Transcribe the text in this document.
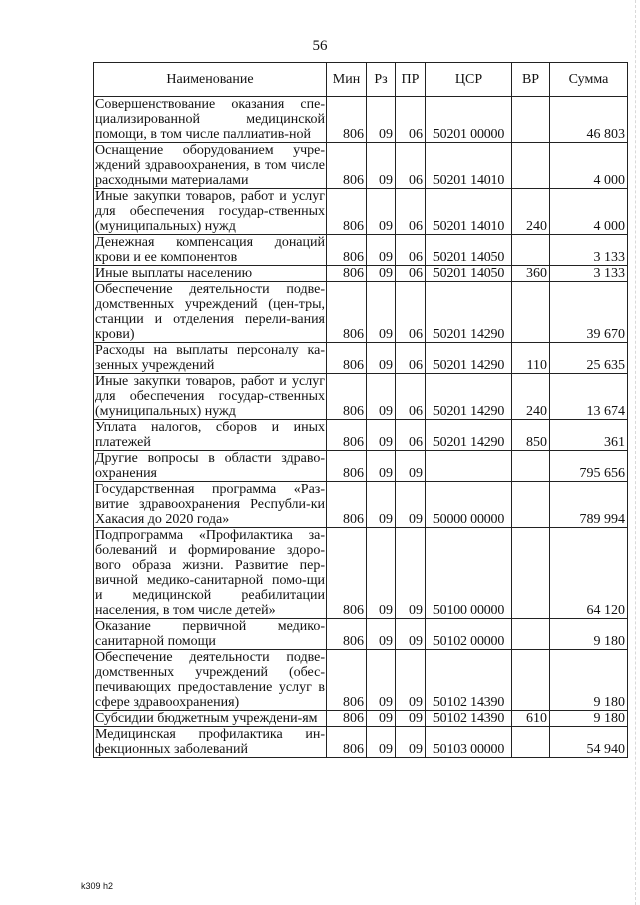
56
Наименование	Мин	Рз	ПР	ЦСР	ВР	Сумма
Совершенствование оказания спе-циализированной медицинской помощи, в том числе паллиатив-ной	806	09	06	50201 00000		46 803
Оснащение оборудованием учре-ждений здравоохранения, в том числе расходными материалами	806	09	06	50201 14010		4 000
Иные закупки товаров, работ и услуг для обеспечения государ-ственных (муниципальных) нужд	806	09	06	50201 14010	240	4 000
Денежная компенсация донаций крови и ее компонентов	806	09	06	50201 14050		3 133
Иные выплаты населению	806	09	06	50201 14050	360	3 133
Обеспечение деятельности подве-домственных учреждений (цен-тры, станции и отделения перели-вания крови)	806	09	06	50201 14290		39 670
Расходы на выплаты персоналу ка-зенных учреждений	806	09	06	50201 14290	110	25 635
Иные закупки товаров, работ и услуг для обеспечения государ-ственных (муниципальных) нужд	806	09	06	50201 14290	240	13 674
Уплата налогов, сборов и иных платежей	806	09	06	50201 14290	850	361
Другие вопросы в области здраво-охранения	806	09	09			795 656
Государственная программа «Раз-витие здравоохранения Республи-ки Хакасия до 2020 года»	806	09	09	50000 00000		789 994
Подпрограмма «Профилактика за-болеваний и формирование здоро-вого образа жизни. Развитие пер-вичной медико-санитарной помо-щи и медицинской реабилитации населения, в том числе детей»	806	09	09	50100 00000		64 120
Оказание первичной медико-санитарной помощи	806	09	09	50102 00000		9 180
Обеспечение деятельности подве-домственных учреждений (обес-печивающих предоставление услуг в сфере здравоохранения)	806	09	09	50102 14390		9 180
Субсидии бюджетным учреждени-ям	806	09	09	50102 14390	610	9 180
Медицинская профилактика ин-фекционных заболеваний	806	09	09	50103 00000		54 940
k309 h2
